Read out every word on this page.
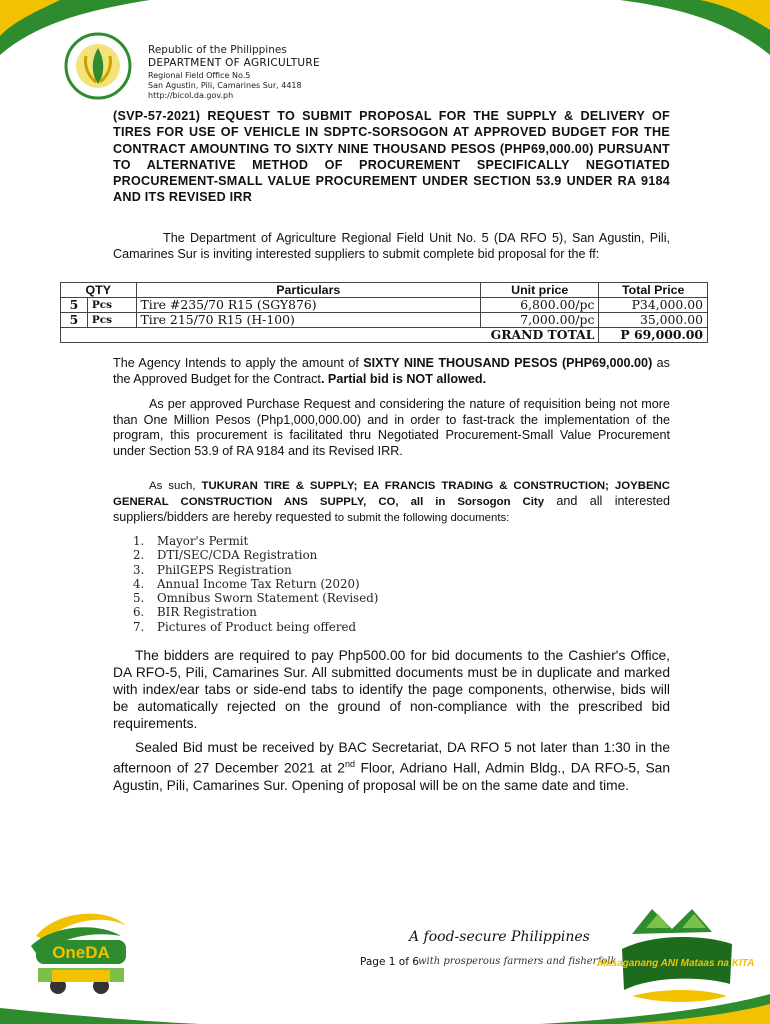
Republic of the Philippines
DEPARTMENT OF AGRICULTURE
Regional Field Office No.5
San Agustin, Pili, Camarines Sur, 4418
http://bicol.da.gov.ph
(SVP-57-2021) REQUEST TO SUBMIT PROPOSAL FOR THE SUPPLY & DELIVERY OF TIRES FOR USE OF VEHICLE IN SDPTC-SORSOGON AT APPROVED BUDGET FOR THE CONTRACT AMOUNTING TO SIXTY NINE THOUSAND PESOS (PHP69,000.00) PURSUANT TO ALTERNATIVE METHOD OF PROCUREMENT SPECIFICALLY NEGOTIATED PROCUREMENT-SMALL VALUE PROCUREMENT UNDER SECTION 53.9 UNDER RA 9184 AND ITS REVISED IRR
The Department of Agriculture Regional Field Unit No. 5 (DA RFO 5), San Agustin, Pili, Camarines Sur is inviting interested suppliers to submit complete bid proposal for the ff:
QTY		Particulars	Unit price	Total Price
5	Pcs	Tire #235/70 R15 (SGY876)	6,800.00/pc	P34,000.00
5	Pcs	Tire 215/70 R15 (H-100)	7,000.00/pc	35,000.00
GRAND TOTAL				P 69,000.00
The Agency Intends to apply the amount of SIXTY NINE THOUSAND PESOS (PHP69,000.00) as the Approved Budget for the Contract. Partial bid is NOT allowed.
As per approved Purchase Request and considering the nature of requisition being not more than One Million Pesos (Php1,000,000.00) and in order to fast-track the implementation of the program, this procurement is facilitated thru Negotiated Procurement-Small Value Procurement under Section 53.9 of RA 9184 and its Revised IRR.
As such, TUKURAN TIRE & SUPPLY; EA FRANCIS TRADING & CONSTRUCTION; JOYBENC GENERAL CONSTRUCTION ANS SUPPLY, CO, all in Sorsogon City and all interested suppliers/bidders are hereby requested to submit the following documents:
1. Mayor's Permit
2. DTI/SEC/CDA Registration
3. PhilGEPS Registration
4. Annual Income Tax Return (2020)
5. Omnibus Sworn Statement (Revised)
6. BIR Registration
7. Pictures of Product being offered
The bidders are required to pay Php500.00 for bid documents to the Cashier's Office, DA RFO-5, Pili, Camarines Sur. All submitted documents must be in duplicate and marked with index/ear tabs or side-end tabs to identify the page components, otherwise, bids will be automatically rejected on the ground of non-compliance with the prescribed bid requirements.
Sealed Bid must be received by BAC Secretariat, DA RFO 5 not later than 1:30 in the afternoon of 27 December 2021 at 2nd Floor, Adriano Hall, Admin Bldg., DA RFO-5, San Agustin, Pili, Camarines Sur. Opening of proposal will be on the same date and time.
OneDA
A food-secure Philippines
Page 1 of 6 with prosperous farmers and fisherfolk
Masaganang ANI Mataas na KITA
